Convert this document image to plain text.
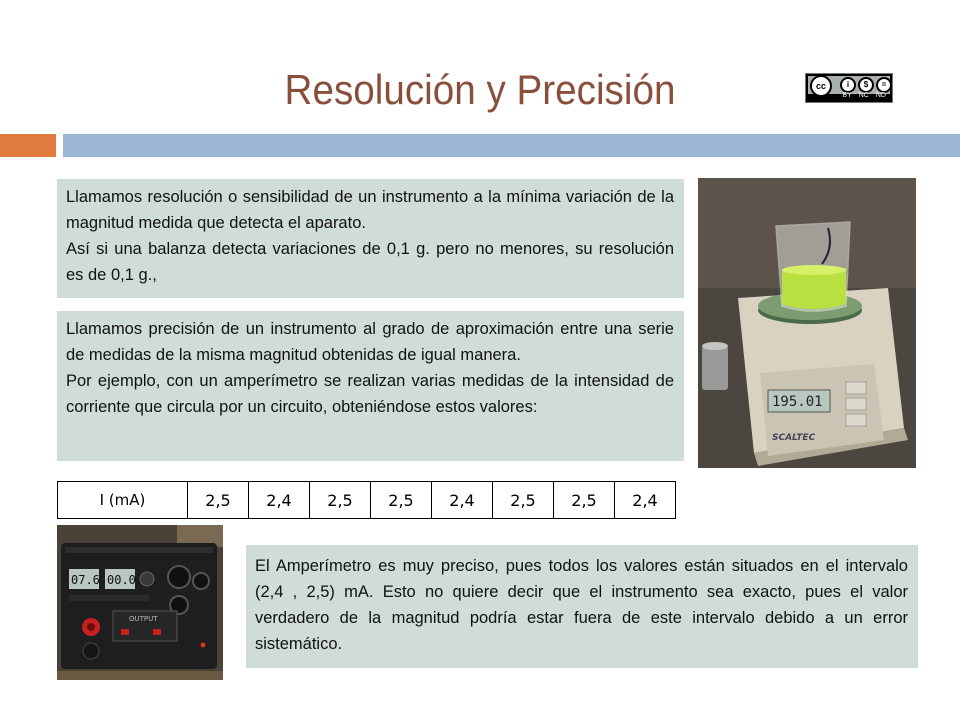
Resolución y Precisión	cc	i	$	=
BY NC ND

Llamamos resolución o sensibilidad de un instrumento a la mínima variación de la magnitud medida que detecta el aparato.

Así si una balanza detecta variaciones de 0,1 g. pero no menores, su resolución es de 0,1 g.,

Llamamos precisión de un instrumento al grado de aproximación entre una serie de medidas de la misma magnitud obtenidas de igual manera.

Por ejemplo, con un amperímetro se realizan varias medidas de la intensidad de corriente que circula por un circuito, obteniéndose estos valores:

I (mA)	2,5	2,4	2,5	2,5	2,4	2,5	2,5	2,4

El Amperímetro es muy preciso, pues todos los valores están situados en el intervalo (2,4 , 2,5) mA. Esto no quiere decir que el instrumento sea exacto, pues el valor verdadero de la magnitud podría estar fuera de este intervalo debido a un error sistemático.

195.01
SCALTEC
07.6 00.0
OUTPUT
